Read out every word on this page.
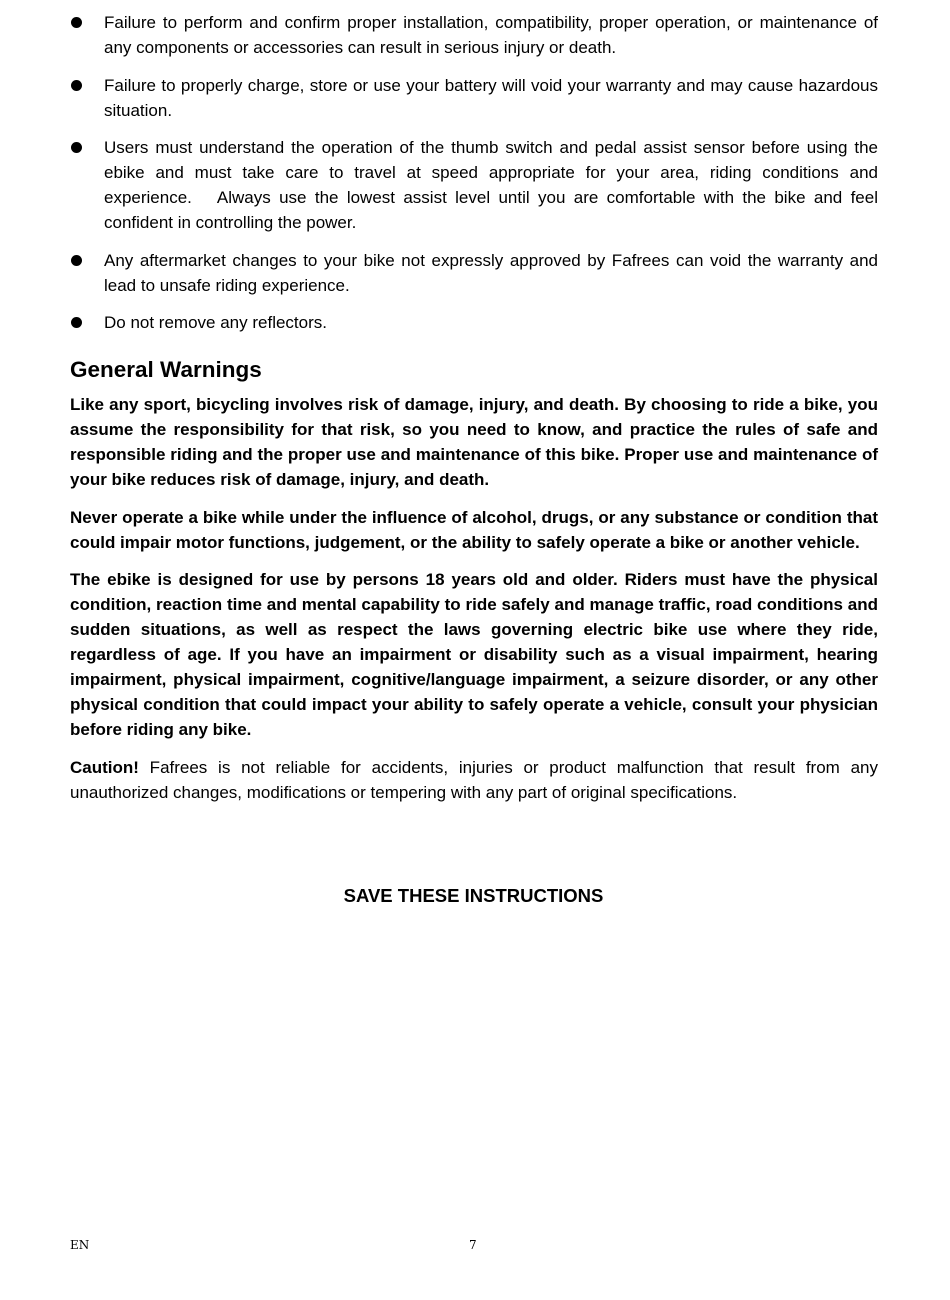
Failure to perform and confirm proper installation, compatibility, proper operation, or maintenance of any components or accessories can result in serious injury or death.
Failure to properly charge, store or use your battery will void your warranty and may cause hazardous situation.
Users must understand the operation of the thumb switch and pedal assist sensor before using the ebike and must take care to travel at speed appropriate for your area, riding conditions and experience.   Always use the lowest assist level until you are comfortable with the bike and feel confident in controlling the power.
Any aftermarket changes to your bike not expressly approved by Fafrees can void the warranty and lead to unsafe riding experience.
Do not remove any reflectors.
General Warnings

Like any sport, bicycling involves risk of damage, injury, and death. By choosing to ride a bike, you assume the responsibility for that risk, so you need to know, and practice the rules of safe and responsible riding and the proper use and maintenance of this bike. Proper use and maintenance of your bike reduces risk of damage, injury, and death.

Never operate a bike while under the influence of alcohol, drugs, or any substance or condition that could impair motor functions, judgement, or the ability to safely operate a bike or another vehicle.

The ebike is designed for use by persons 18 years old and older. Riders must have the physical condition, reaction time and mental capability to ride safely and manage traffic, road conditions and sudden situations, as well as respect the laws governing electric bike use where they ride, regardless of age. If you have an impairment or disability such as a visual impairment, hearing impairment, physical impairment, cognitive/language impairment, a seizure disorder, or any other physical condition that could impact your ability to safely operate a vehicle, consult your physician before riding any bike.

Caution! Fafrees is not reliable for accidents, injuries or product malfunction that result from any unauthorized changes, modifications or tempering with any part of original specifications.

SAVE THESE INSTRUCTIONS
EN	7
